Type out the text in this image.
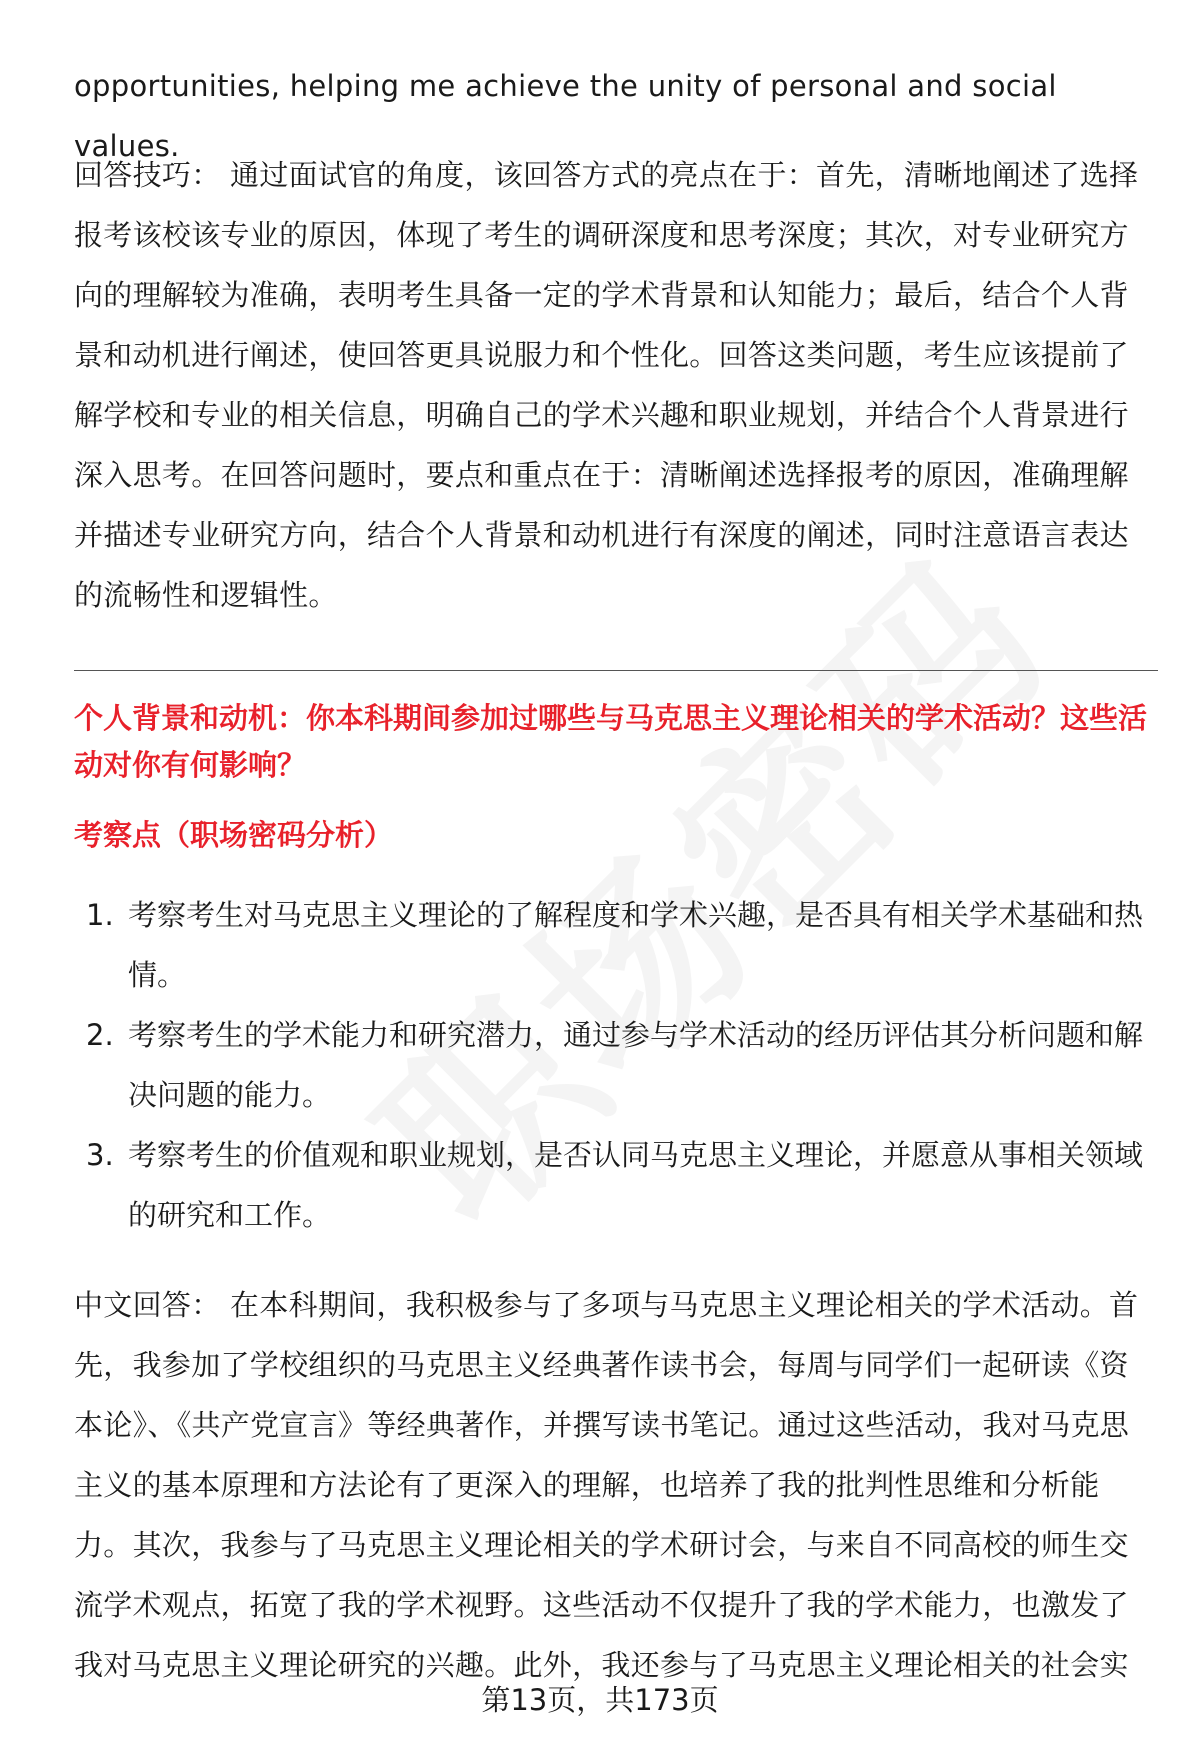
opportunities, helping me achieve the unity of personal and social values.

回答技巧： 通过面试官的角度，该回答方式的亮点在于：首先，清晰地阐述了选择报考该校该专业的原因，体现了考生的调研深度和思考深度；其次，对专业研究方向的理解较为准确，表明考生具备一定的学术背景和认知能力；最后，结合个人背景和动机进行阐述，使回答更具说服力和个性化。回答这类问题，考生应该提前了解学校和专业的相关信息，明确自己的学术兴趣和职业规划，并结合个人背景进行深入思考。在回答问题时，要点和重点在于：清晰阐述选择报考的原因，准确理解并描述专业研究方向，结合个人背景和动机进行有深度的阐述，同时注意语言表达的流畅性和逻辑性。

个人背景和动机：你本科期间参加过哪些与马克思主义理论相关的学术活动？这些活动对你有何影响？

考察点（职场密码分析）

1. 考察考生对马克思主义理论的了解程度和学术兴趣，是否具有相关学术基础和热情。
2. 考察考生的学术能力和研究潜力，通过参与学术活动的经历评估其分析问题和解决问题的能力。
3. 考察考生的价值观和职业规划，是否认同马克思主义理论，并愿意从事相关领域的研究和工作。

中文回答： 在本科期间，我积极参与了多项与马克思主义理论相关的学术活动。首先，我参加了学校组织的马克思主义经典著作读书会，每周与同学们一起研读《资本论》、《共产党宣言》等经典著作，并撰写读书笔记。通过这些活动，我对马克思主义的基本原理和方法论有了更深入的理解，也培养了我的批判性思维和分析能力。其次，我参与了马克思主义理论相关的学术研讨会，与来自不同高校的师生交流学术观点，拓宽了我的学术视野。这些活动不仅提升了我的学术能力，也激发了我对马克思主义理论研究的兴趣。此外，我还参与了马克思主义理论相关的社会实

第13页，共173页
